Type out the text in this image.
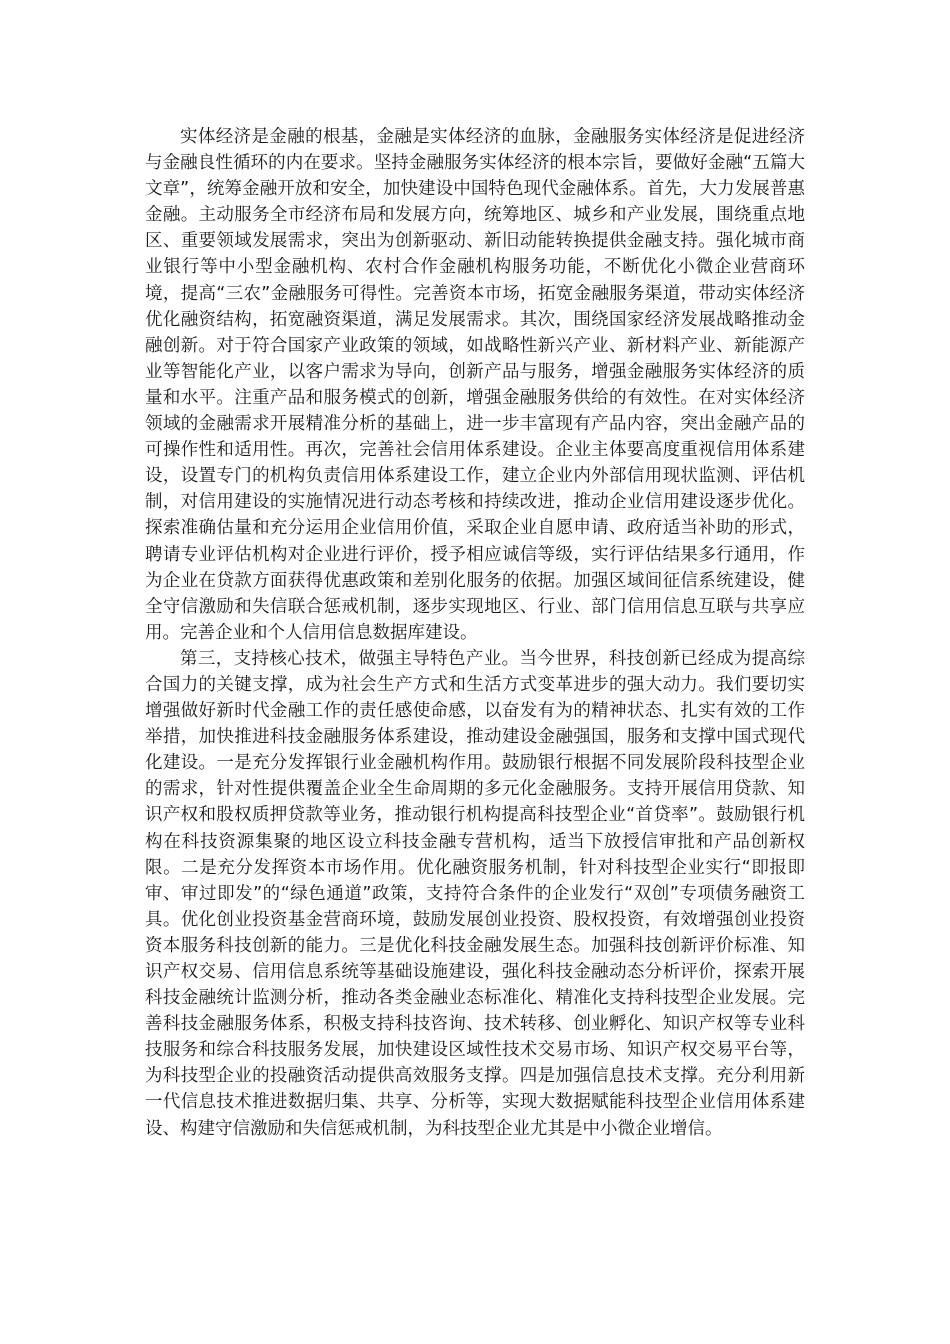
实体经济是金融的根基，金融是实体经济的血脉，金融服务实体经济是促进经济与金融良性循环的内在要求。坚持金融服务实体经济的根本宗旨，要做好金融“五篇大文章”，统筹金融开放和安全，加快建设中国特色现代金融体系。首先，大力发展普惠金融。主动服务全市经济布局和发展方向，统筹地区、城乡和产业发展，围绕重点地区、重要领域发展需求，突出为创新驱动、新旧动能转换提供金融支持。强化城市商业银行等中小型金融机构、农村合作金融机构服务功能，不断优化小微企业营商环境，提高“三农”金融服务可得性。完善资本市场，拓宽金融服务渠道，带动实体经济优化融资结构，拓宽融资渠道，满足发展需求。其次，围绕国家经济发展战略推动金融创新。对于符合国家产业政策的领域，如战略性新兴产业、新材料产业、新能源产业等智能化产业，以客户需求为导向，创新产品与服务，增强金融服务实体经济的质量和水平。注重产品和服务模式的创新，增强金融服务供给的有效性。在对实体经济领域的金融需求开展精准分析的基础上，进一步丰富现有产品内容，突出金融产品的可操作性和适用性。再次，完善社会信用体系建设。企业主体要高度重视信用体系建设，设置专门的机构负责信用体系建设工作，建立企业内外部信用现状监测、评估机制，对信用建设的实施情况进行动态考核和持续改进，推动企业信用建设逐步优化。探索准确估量和充分运用企业信用价值，采取企业自愿申请、政府适当补助的形式，聘请专业评估机构对企业进行评价，授予相应诚信等级，实行评估结果多行通用，作为企业在贷款方面获得优惠政策和差别化服务的依据。加强区域间征信系统建设，健全守信激励和失信联合惩戒机制，逐步实现地区、行业、部门信用信息互联与共享应用。完善企业和个人信用信息数据库建设。

第三，支持核心技术，做强主导特色产业。当今世界，科技创新已经成为提高综合国力的关键支撑，成为社会生产方式和生活方式变革进步的强大动力。我们要切实增强做好新时代金融工作的责任感使命感，以奋发有为的精神状态、扎实有效的工作举措，加快推进科技金融服务体系建设，推动建设金融强国，服务和支撑中国式现代化建设。一是充分发挥银行业金融机构作用。鼓励银行根据不同发展阶段科技型企业的需求，针对性提供覆盖企业全生命周期的多元化金融服务。支持开展信用贷款、知识产权和股权质押贷款等业务，推动银行机构提高科技型企业“首贷率”。鼓励银行机构在科技资源集聚的地区设立科技金融专营机构，适当下放授信审批和产品创新权限。二是充分发挥资本市场作用。优化融资服务机制，针对科技型企业实行“即报即审、审过即发”的“绿色通道”政策，支持符合条件的企业发行“双创”专项债务融资工具。优化创业投资基金营商环境，鼓励发展创业投资、股权投资，有效增强创业投资资本服务科技创新的能力。三是优化科技金融发展生态。加强科技创新评价标准、知识产权交易、信用信息系统等基础设施建设，强化科技金融动态分析评价，探索开展科技金融统计监测分析，推动各类金融业态标准化、精准化支持科技型企业发展。完善科技金融服务体系，积极支持科技咨询、技术转移、创业孵化、知识产权等专业科技服务和综合科技服务发展，加快建设区域性技术交易市场、知识产权交易平台等，为科技型企业的投融资活动提供高效服务支撑。四是加强信息技术支撑。充分利用新一代信息技术推进数据归集、共享、分析等，实现大数据赋能科技型企业信用体系建设、构建守信激励和失信惩戒机制，为科技型企业尤其是中小微企业增信。
